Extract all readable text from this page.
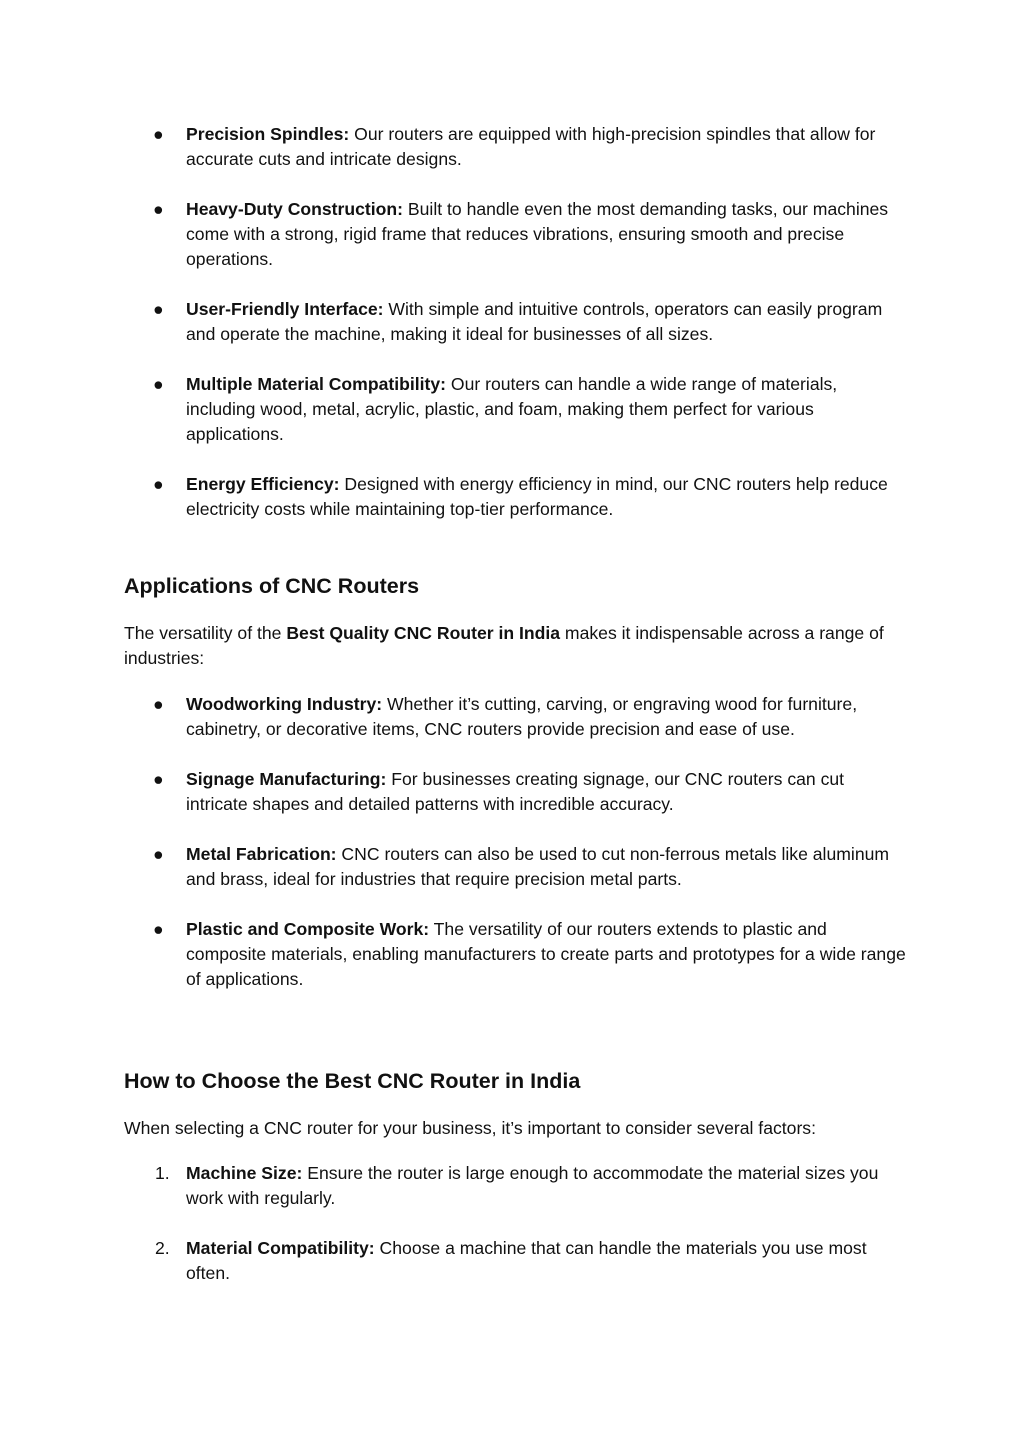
●	Precision Spindles: Our routers are equipped with high-precision spindles that allow for accurate cuts and intricate designs.
●	Heavy-Duty Construction: Built to handle even the most demanding tasks, our machines come with a strong, rigid frame that reduces vibrations, ensuring smooth and precise operations.
●	User-Friendly Interface: With simple and intuitive controls, operators can easily program and operate the machine, making it ideal for businesses of all sizes.
●	Multiple Material Compatibility: Our routers can handle a wide range of materials, including wood, metal, acrylic, plastic, and foam, making them perfect for various applications.
●	Energy Efficiency: Designed with energy efficiency in mind, our CNC routers help reduce electricity costs while maintaining top-tier performance.
Applications of CNC Routers

The versatility of the Best Quality CNC Router in India makes it indispensable across a range of industries:

●	Woodworking Industry: Whether it’s cutting, carving, or engraving wood for furniture, cabinetry, or decorative items, CNC routers provide precision and ease of use.
●	Signage Manufacturing: For businesses creating signage, our CNC routers can cut intricate shapes and detailed patterns with incredible accuracy.
●	Metal Fabrication: CNC routers can also be used to cut non-ferrous metals like aluminum and brass, ideal for industries that require precision metal parts.
●	Plastic and Composite Work: The versatility of our routers extends to plastic and composite materials, enabling manufacturers to create parts and prototypes for a wide range of applications.
How to Choose the Best CNC Router in India

When selecting a CNC router for your business, it’s important to consider several factors:

1. Machine Size: Ensure the router is large enough to accommodate the material sizes you work with regularly.
2. Material Compatibility: Choose a machine that can handle the materials you use most often.
